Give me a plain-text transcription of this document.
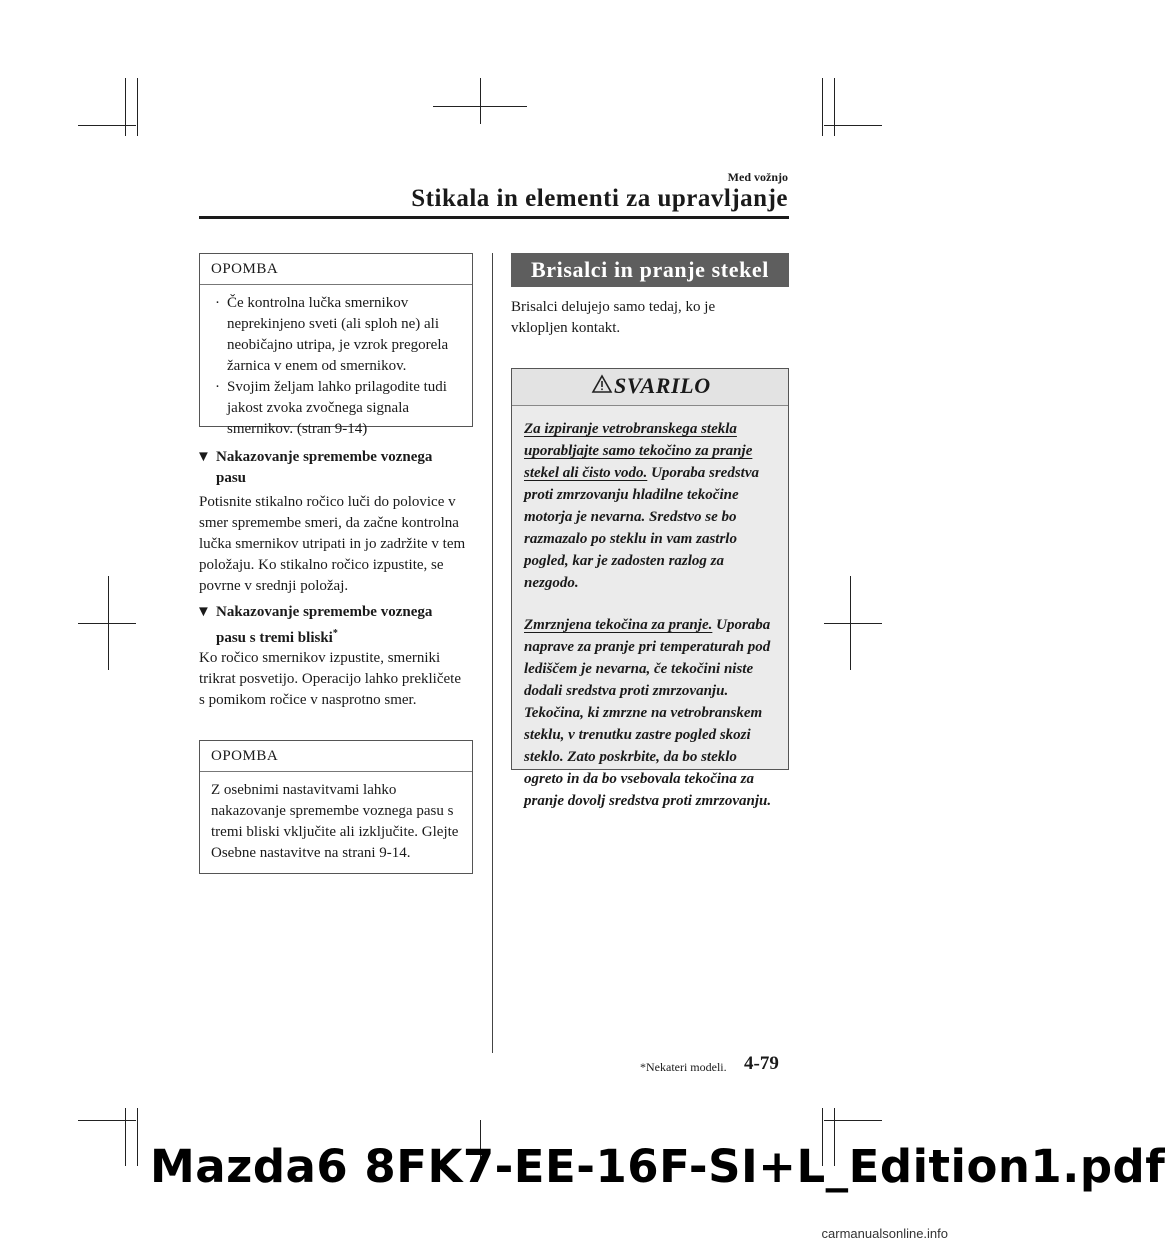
Med vožnjo
Stikala in elementi za upravljanje
OPOMBA
· Če kontrolna lučka smernikov neprekinjeno sveti (ali sploh ne) ali neobičajno utripa, je vzrok pregorela žarnica v enem od smernikov.
· Svojim željam lahko prilagodite tudi jakost zvoka zvočnega signala smernikov. (stran 9-14)
▼ Nakazovanje spremembe voznega
pasu
Potisnite stikalno ročico luči do polovice v smer spremembe smeri, da začne kontrolna lučka smernikov utripati in jo zadržite v tem položaju. Ko stikalno ročico izpustite, se povrne v srednji položaj.
▼ Nakazovanje spremembe voznega
pasu s tremi bliski*
Ko ročico smernikov izpustite, smerniki trikrat posvetijo. Operacijo lahko prekličete s pomikom ročice v nasprotno smer.
OPOMBA
Z osebnimi nastavitvami lahko nakazovanje spremembe voznega pasu s tremi bliski vključite ali izključite. Glejte Osebne nastavitve na strani 9-14.
Brisalci in pranje stekel
Brisalci delujejo samo tedaj, ko je vklopljen kontakt.
SVARILO
Za izpiranje vetrobranskega stekla uporabljajte samo tekočino za pranje stekel ali čisto vodo. Uporaba sredstva proti zmrzovanju hladilne tekočine motorja je nevarna. Sredstvo se bo razmazalo po steklu in vam zastrlo pogled, kar je zadosten razlog za nezgodo.
Zmrznjena tekočina za pranje. Uporaba naprave za pranje pri temperaturah pod lediščem je nevarna, če tekočini niste dodali sredstva proti zmrzovanju. Tekočina, ki zmrzne na vetrobranskem steklu, v trenutku zastre pogled skozi steklo. Zato poskrbite, da bo steklo ogreto in da bo vsebovala tekočina za pranje dovolj sredstva proti zmrzovanju.
*Nekateri modeli. 4-79
Mazda6 8FK7-EE-16F-SI+L_Edition1.pdf
carmanualsonline.info
